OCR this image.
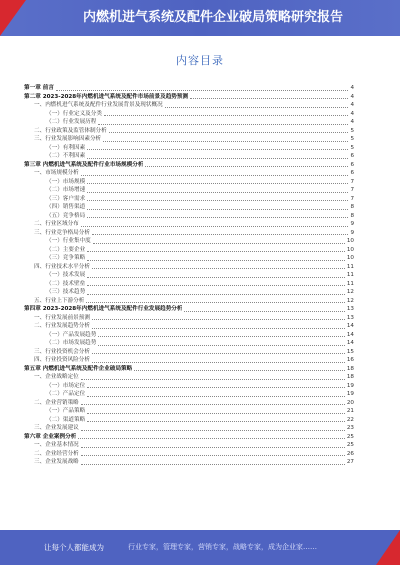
内燃机进气系统及配件企业破局策略研究报告
内容目录
第一章 前言	4
第二章 2023-2028年内燃机进气系统及配件市场前景及趋势预测	4
一、内燃机进气系统及配件行业发展背景及现状概况	4
（一）行业定义及分类	4
（二）行业发展历程	4
二、行业政策及监管体制分析	5
三、行业发展影响因素分析	5
（一）有利因素	5
（二）不利因素	6
第三章 内燃机进气系统及配件行业市场规模分析	6
一、市场规模分析	6
（一）市场规模	7
（二）市场增速	7
（三）客户需求	7
（四）销售渠道	8
（五）竞争格局	8
二、行业区域分布	9
三、行业竞争格局分析	9
（一）行业集中度	10
（二）主要企业	10
（三）竞争策略	10
四、行业技术水平分析	11
（一）技术发展	11
（二）技术壁垒	11
（三）技术趋势	12
五、行业上下游分析	12
第四章 2023-2028年内燃机进气系统及配件行业发展趋势分析	13
一、行业发展前景预测	13
二、行业发展趋势分析	14
（一）产品发展趋势	14
（二）市场发展趋势	14
三、行业投资机会分析	15
四、行业投资风险分析	16
第五章 内燃机进气系统及配件企业破局策略	18
一、企业战略定位	18
（一）市场定位	19
（二）产品定位	19
二、企业营销策略	20
（一）产品策略	21
（二）渠道策略	22
三、企业发展建议	23
第六章 企业案例分析	25
一、企业基本情况	25
二、企业经营分析	26
三、企业发展战略	27
让每个人都能成为	行业专家，管理专家，营销专家，战略专家，成为企业家……
